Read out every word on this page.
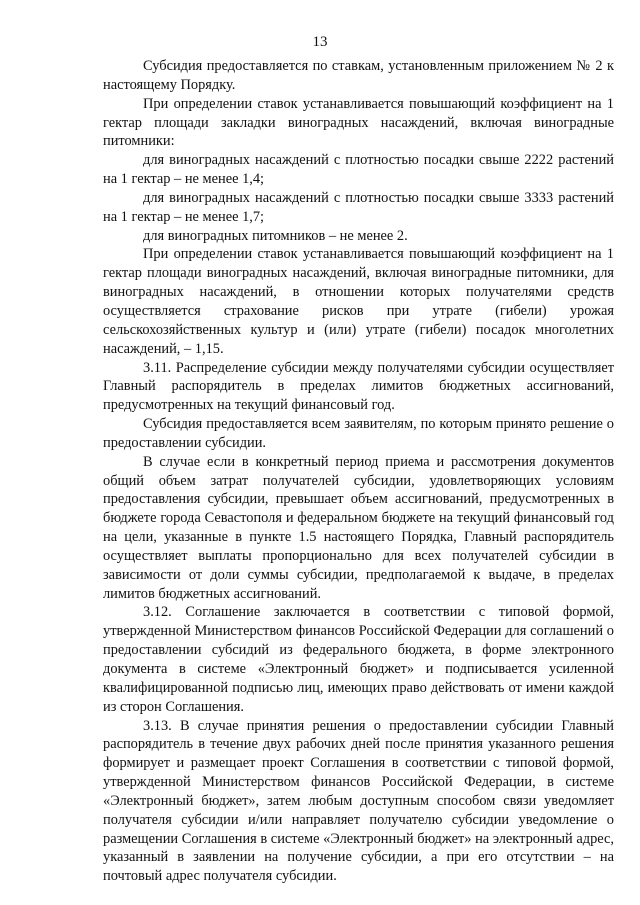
13

Субсидия предоставляется по ставкам, установленным приложением № 2 к настоящему Порядку.

При определении ставок устанавливается повышающий коэффициент на 1 гектар площади закладки виноградных насаждений, включая виноградные питомники:

для виноградных насаждений с плотностью посадки свыше 2222 растений на 1 гектар – не менее 1,4;

для виноградных насаждений с плотностью посадки свыше 3333 растений на 1 гектар – не менее 1,7;

для виноградных питомников – не менее 2.

При определении ставок устанавливается повышающий коэффициент на 1 гектар площади виноградных насаждений, включая виноградные питомники, для виноградных насаждений, в отношении которых получателями средств осуществляется страхование рисков при утрате (гибели) урожая сельскохозяйственных культур и (или) утрате (гибели) посадок многолетних насаждений, – 1,15.

3.11. Распределение субсидии между получателями субсидии осуществляет Главный распорядитель в пределах лимитов бюджетных ассигнований, предусмотренных на текущий финансовый год.

Субсидия предоставляется всем заявителям, по которым принято решение о предоставлении субсидии.

В случае если в конкретный период приема и рассмотрения документов общий объем затрат получателей субсидии, удовлетворяющих условиям предоставления субсидии, превышает объем ассигнований, предусмотренных в бюджете города Севастополя и федеральном бюджете на текущий финансовый год на цели, указанные в пункте 1.5 настоящего Порядка, Главный распорядитель осуществляет выплаты пропорционально для всех получателей субсидии в зависимости от доли суммы субсидии, предполагаемой к выдаче, в пределах лимитов бюджетных ассигнований.

3.12. Соглашение заключается в соответствии с типовой формой, утвержденной Министерством финансов Российской Федерации для соглашений о предоставлении субсидий из федерального бюджета, в форме электронного документа в системе «Электронный бюджет» и подписывается усиленной квалифицированной подписью лиц, имеющих право действовать от имени каждой из сторон Соглашения.

3.13. В случае принятия решения о предоставлении субсидии Главный распорядитель в течение двух рабочих дней после принятия указанного решения формирует и размещает проект Соглашения в соответствии с типовой формой, утвержденной Министерством финансов Российской Федерации, в системе «Электронный бюджет», затем любым доступным способом связи уведомляет получателя субсидии и/или направляет получателю субсидии уведомление о размещении Соглашения в системе «Электронный бюджет» на электронный адрес, указанный в заявлении на получение субсидии, а при его отсутствии – на почтовый адрес получателя субсидии.
